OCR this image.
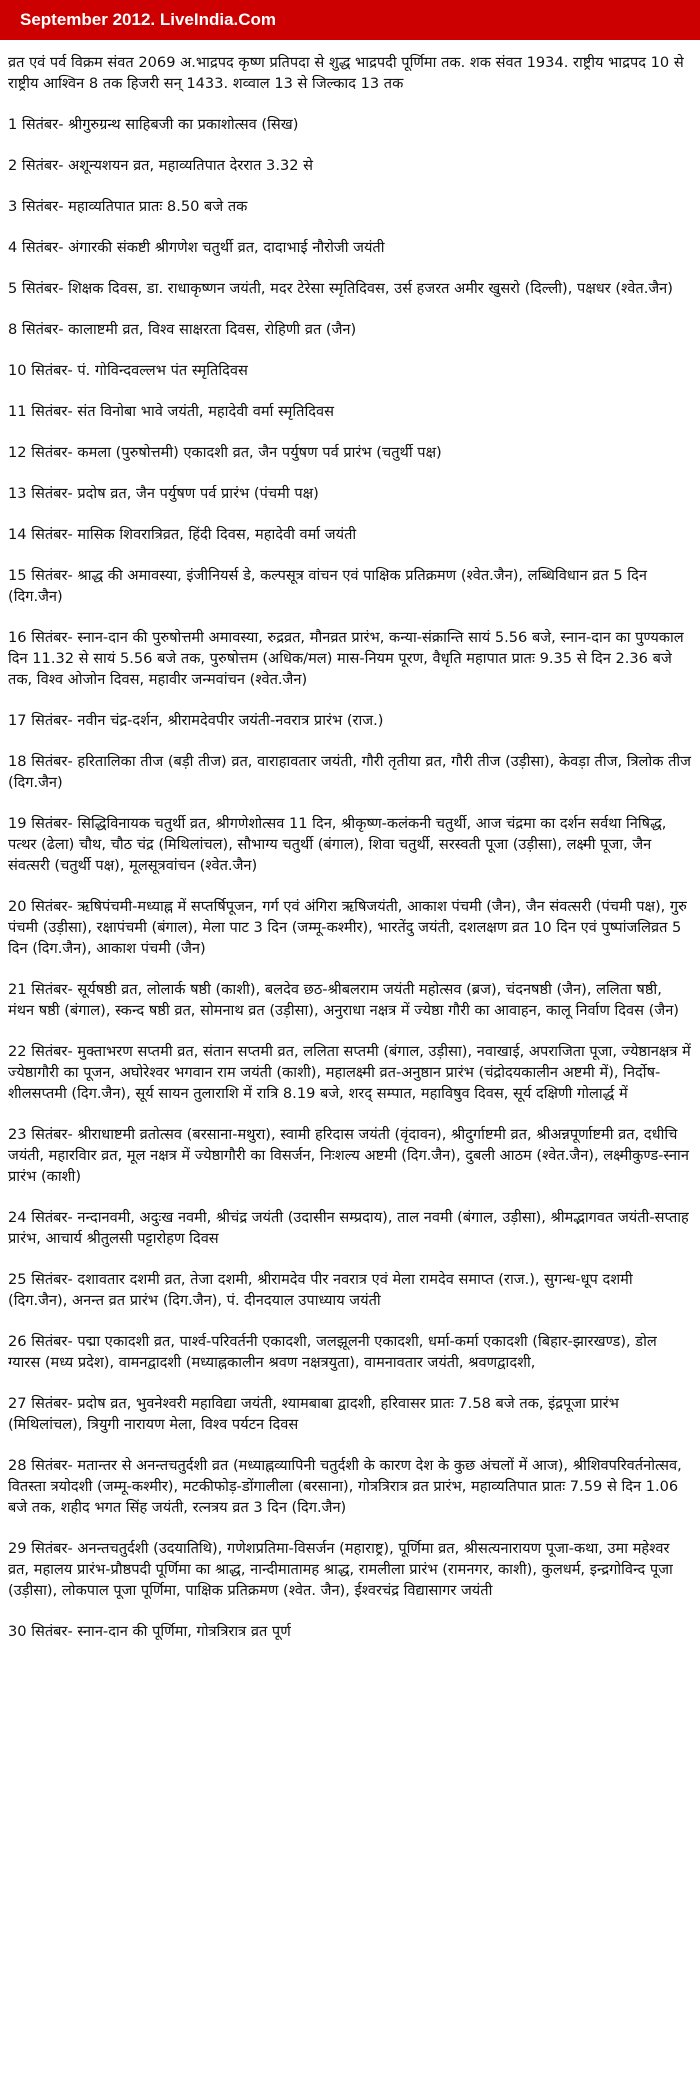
September 2012. LiveIndia.Com
व्रत एवं पर्व विक्रम संवत 2069 अ.भाद्रपद कृष्ण प्रतिपदा से शुद्ध भाद्रपदी पूर्णिमा तक. शक संवत 1934. राष्ट्रीय भाद्रपद 10 से राष्ट्रीय आश्विन 8 तक हिजरी सन् 1433. शव्वाल 13 से जिल्काद 13 तक
1 सितंबर- श्रीगुरुग्रन्थ साहिबजी का प्रकाशोत्सव (सिख)
2 सितंबर- अशून्यशयन व्रत, महाव्यतिपात देररात 3.32 से
3 सितंबर- महाव्यतिपात प्रातः 8.50 बजे तक
4 सितंबर- अंगारकी संकष्टी श्रीगणेश चतुर्थी व्रत, दादाभाई नौरोजी जयंती
5 सितंबर- शिक्षक दिवस, डा. राधाकृष्णन जयंती, मदर टेरेसा स्मृतिदिवस, उर्स हजरत अमीर खुसरो (दिल्ली), पक्षधर (श्वेत.जैन)
8 सितंबर- कालाष्टमी व्रत, विश्व साक्षरता दिवस, रोहिणी व्रत (जैन)
10 सितंबर- पं. गोविन्दवल्लभ पंत स्मृतिदिवस
11 सितंबर- संत विनोबा भावे जयंती, महादेवी वर्मा स्मृतिदिवस
12 सितंबर- कमला (पुरुषोत्तमी) एकादशी व्रत, जैन पर्युषण पर्व प्रारंभ (चतुर्थी पक्ष)
13 सितंबर- प्रदोष व्रत, जैन पर्युषण पर्व प्रारंभ (पंचमी पक्ष)
14 सितंबर- मासिक शिवरात्रिव्रत, हिंदी दिवस, महादेवी वर्मा जयंती
15 सितंबर- श्राद्ध की अमावस्या, इंजीनियर्स डे, कल्पसूत्र वांचन एवं पाक्षिक प्रतिक्रमण (श्वेत.जैन), लब्धिविधान व्रत 5 दिन (दिग.जैन)
16 सितंबर- स्नान-दान की पुरुषोत्तमी अमावस्या, रुद्रव्रत, मौनव्रत प्रारंभ, कन्या-संक्रान्ति सायं 5.56 बजे, स्नान-दान का पुण्यकाल दिन 11.32 से सायं 5.56 बजे तक, पुरुषोत्तम (अधिक/मल) मास-नियम पूरण, वैधृति महापात प्रातः 9.35 से दिन 2.36 बजे तक, विश्व ओजोन दिवस, महावीर जन्मवांचन (श्वेत.जैन)
17 सितंबर- नवीन चंद्र-दर्शन, श्रीरामदेवपीर जयंती-नवरात्र प्रारंभ (राज.)
18 सितंबर- हरितालिका तीज (बड़ी तीज) व्रत, वाराहावतार जयंती, गौरी तृतीया व्रत, गौरी तीज (उड़ीसा), केवड़ा तीज, त्रिलोक तीज (दिग.जैन)
19 सितंबर- सिद्धिविनायक चतुर्थी व्रत, श्रीगणेशोत्सव 11 दिन, श्रीकृष्ण-कलंकनी चतुर्थी, आज चंद्रमा का दर्शन सर्वथा निषिद्ध, पत्थर (ढेला) चौथ, चौठ चंद्र (मिथिलांचल), सौभाग्य चतुर्थी (बंगाल), शिवा चतुर्थी, सरस्वती पूजा (उड़ीसा), लक्ष्मी पूजा, जैन संवत्सरी (चतुर्थी पक्ष), मूलसूत्रवांचन (श्वेत.जैन)
20 सितंबर- ऋषिपंचमी-मध्याह्न में सप्तर्षिपूजन, गर्ग एवं अंगिरा ऋषिजयंती, आकाश पंचमी (जैन), जैन संवत्सरी (पंचमी पक्ष), गुरु पंचमी (उड़ीसा), रक्षापंचमी (बंगाल), मेला पाट 3 दिन (जम्मू-कश्मीर), भारतेंदु जयंती, दशलक्षण व्रत 10 दिन एवं पुष्पांजलिव्रत 5 दिन (दिग.जैन), आकाश पंचमी (जैन)
21 सितंबर- सूर्यषष्ठी व्रत, लोलार्क षष्ठी (काशी), बलदेव छठ-श्रीबलराम जयंती महोत्सव (ब्रज), चंदनषष्ठी (जैन), ललिता षष्ठी, मंथन षष्ठी (बंगाल), स्कन्द षष्ठी व्रत, सोमनाथ व्रत (उड़ीसा), अनुराधा नक्षत्र में ज्येष्ठा गौरी का आवाहन, कालू निर्वाण दिवस (जैन)
22 सितंबर- मुक्ताभरण सप्तमी व्रत, संतान सप्तमी व्रत, ललिता सप्तमी (बंगाल, उड़ीसा), नवाखाई, अपराजिता पूजा, ज्येष्ठानक्षत्र में ज्येष्ठागौरी का पूजन, अघोरेश्वर भगवान राम जयंती (काशी), महालक्ष्मी व्रत-अनुष्ठान प्रारंभ (चंद्रोदयकालीन अष्टमी में), निर्दोष-शीलसप्तमी (दिग.जैन), सूर्य सायन तुलाराशि में रात्रि 8.19 बजे, शरद् सम्पात, महाविषुव दिवस, सूर्य दक्षिणी गोलार्द्ध में
23 सितंबर- श्रीराधाष्टमी व्रतोत्सव (बरसाना-मथुरा), स्वामी हरिदास जयंती (वृंदावन), श्रीदुर्गाष्टमी व्रत, श्रीअन्नपूर्णाष्टमी व्रत, दधीचि जयंती, महारविार व्रत, मूल नक्षत्र में ज्येष्ठागौरी का विसर्जन, निःशल्य अष्टमी (दिग.जैन), दुबली आठम (श्वेत.जैन), लक्ष्मीकुण्ड-स्नान प्रारंभ (काशी)
24 सितंबर- नन्दानवमी, अदुःख नवमी, श्रीचंद्र जयंती (उदासीन सम्प्रदाय), ताल नवमी (बंगाल, उड़ीसा), श्रीमद्भागवत जयंती-सप्ताह प्रारंभ, आचार्य श्रीतुलसी पट्टारोहण दिवस
25 सितंबर- दशावतार दशमी व्रत, तेजा दशमी, श्रीरामदेव पीर नवरात्र एवं मेला रामदेव समाप्त (राज.), सुगन्ध-धूप दशमी (दिग.जैन), अनन्त व्रत प्रारंभ (दिग.जैन), पं. दीनदयाल उपाध्याय जयंती
26 सितंबर- पद्मा एकादशी व्रत, पार्श्व-परिवर्तनी एकादशी, जलझूलनी एकादशी, धर्मा-कर्मा एकादशी (बिहार-झारखण्ड), डोल ग्यारस (मध्य प्रदेश), वामनद्वादशी (मध्याह्नकालीन श्रवण नक्षत्रयुता), वामनावतार जयंती, श्रवणद्वादशी,
27 सितंबर- प्रदोष व्रत, भुवनेश्वरी महाविद्या जयंती, श्यामबाबा द्वादशी, हरिवासर प्रातः 7.58 बजे तक, इंद्रपूजा प्रारंभ (मिथिलांचल), त्रियुगी नारायण मेला, विश्व पर्यटन दिवस
28 सितंबर- मतान्तर से अनन्तचतुर्दशी व्रत (मध्याह्नव्यापिनी चतुर्दशी के कारण देश के कुछ अंचलों में आज), श्रीशिवपरिवर्तनोत्सव, वितस्ता त्रयोदशी (जम्मू-कश्मीर), मटकीफोड़-डोंगालीला (बरसाना), गोत्रत्रिरात्र व्रत प्रारंभ, महाव्यतिपात प्रातः 7.59 से दिन 1.06 बजे तक, शहीद भगत सिंह जयंती, रत्नत्रय व्रत 3 दिन (दिग.जैन)
29 सितंबर- अनन्तचतुर्दशी (उदयातिथि), गणेशप्रतिमा-विसर्जन (महाराष्ट्र), पूर्णिमा व्रत, श्रीसत्यनारायण पूजा-कथा, उमा महेश्वर व्रत, महालय प्रारंभ-प्रौष्ठपदी पूर्णिमा का श्राद्ध, नान्दीमातामह श्राद्ध, रामलीला प्रारंभ (रामनगर, काशी), कुलधर्म, इन्द्रगोविन्द पूजा (उड़ीसा), लोकपाल पूजा पूर्णिमा, पाक्षिक प्रतिक्रमण (श्वेत. जैन), ईश्वरचंद्र विद्यासागर जयंती
30 सितंबर- स्नान-दान की पूर्णिमा, गोत्रत्रिरात्र व्रत पूर्ण
